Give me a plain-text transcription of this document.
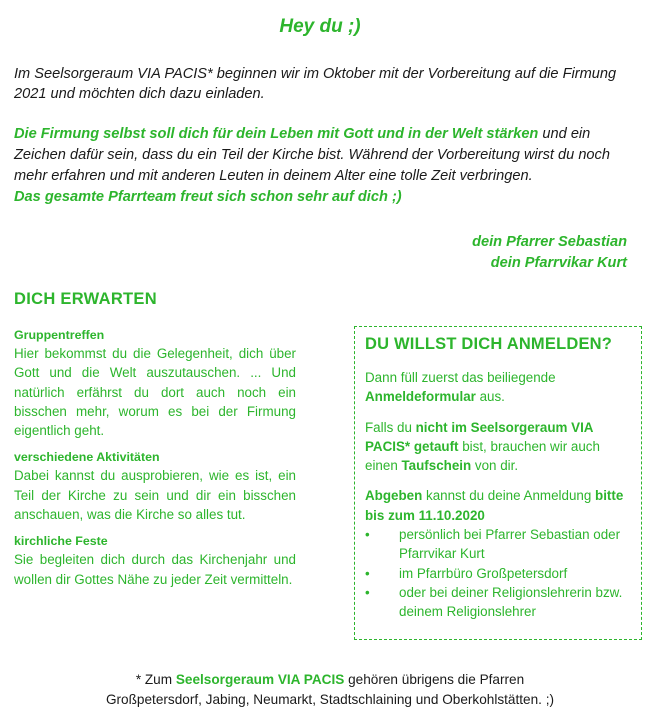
Hey du ;)
Im Seelsorgeraum VIA PACIS* beginnen wir im Oktober mit der Vorbereitung auf die Firmung 2021 und möchten dich dazu einladen.
Die Firmung selbst soll dich für dein Leben mit Gott und in der Welt stärken und ein Zeichen dafür sein, dass du ein Teil der Kirche bist. Während der Vorbereitung wirst du noch mehr erfahren und mit anderen Leuten in deinem Alter eine tolle Zeit verbringen.
Das gesamte Pfarrteam freut sich schon sehr auf dich ;)
dein Pfarrer Sebastian
dein Pfarrvikar Kurt
DICH ERWARTEN
Gruppentreffen
Hier bekommst du die Gelegenheit, dich über Gott und die Welt auszutauschen. ... Und natürlich erfährst du dort auch noch ein bisschen mehr, worum es bei der Firmung eigentlich geht.
verschiedene Aktivitäten
Dabei kannst du ausprobieren, wie es ist, ein Teil der Kirche zu sein und dir ein bisschen anschauen, was die Kirche so alles tut.
kirchliche Feste
Sie begleiten dich durch das Kirchenjahr und wollen dir Gottes Nähe zu jeder Zeit vermitteln.
DU WILLST DICH ANMELDEN?

Dann füll zuerst das beiliegende Anmeldeformular aus.

Falls du nicht im Seelsorgeraum VIA PACIS* getauft bist, brauchen wir auch einen Taufschein von dir.

Abgeben kannst du deine Anmeldung bitte bis zum 11.10.2020

• persönlich bei Pfarrer Sebastian oder Pfarrvikar Kurt
• im Pfarrbüro Großpetersdorf
• oder bei deiner Religionslehrerin bzw. deinem Religionslehrer
* Zum Seelsorgeraum VIA PACIS gehören übrigens die Pfarren
Großpetersdorf, Jabing, Neumarkt, Stadtschlaining und Oberkohlstätten. ;)
